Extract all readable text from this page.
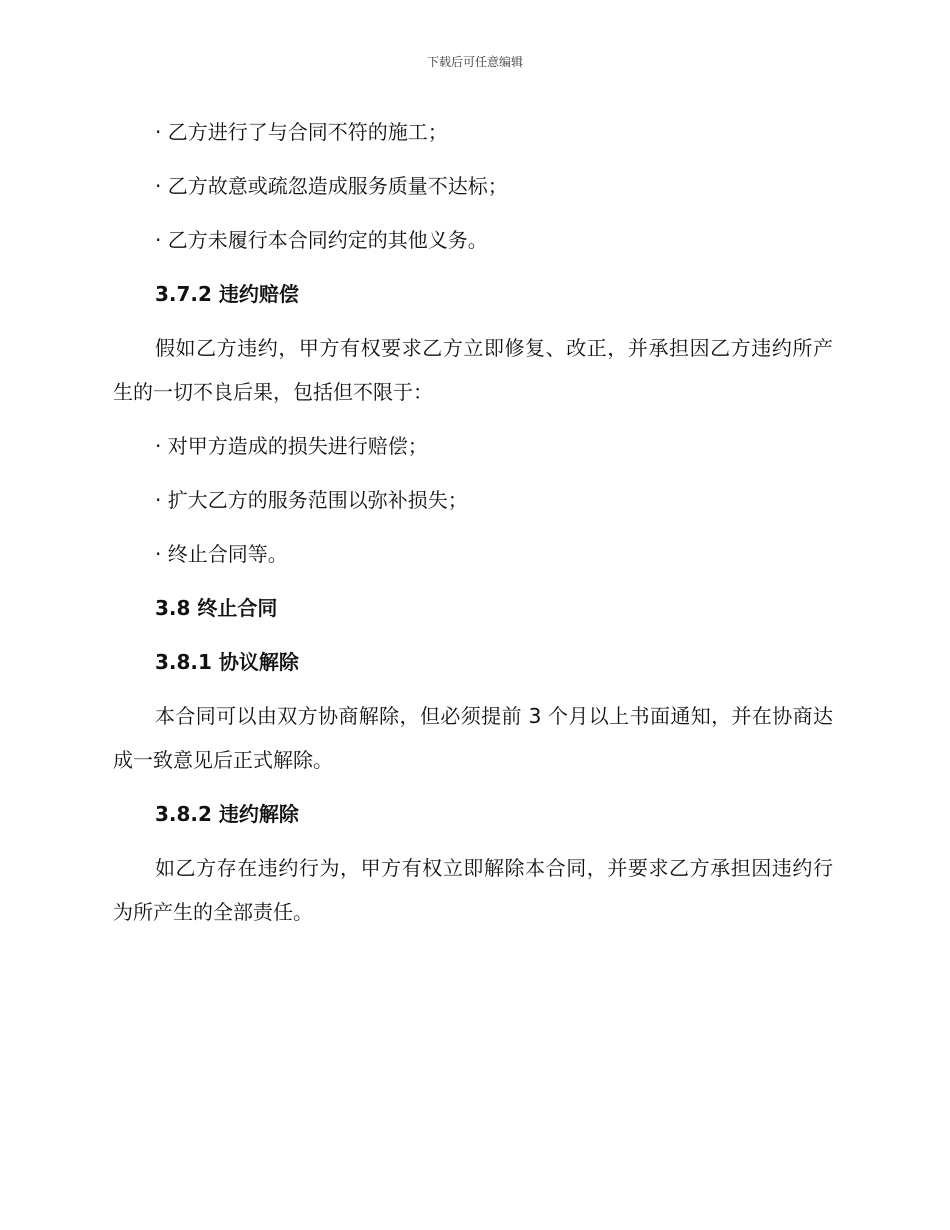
下载后可任意编辑
· 乙方进行了与合同不符的施工；
· 乙方故意或疏忽造成服务质量不达标；
· 乙方未履行本合同约定的其他义务。
3.7.2 违约赔偿
假如乙方违约，甲方有权要求乙方立即修复、改正，并承担因乙方违约所产生的一切不良后果，包括但不限于：
· 对甲方造成的损失进行赔偿；
· 扩大乙方的服务范围以弥补损失；
· 终止合同等。
3.8 终止合同
3.8.1 协议解除
本合同可以由双方协商解除，但必须提前 3 个月以上书面通知，并在协商达成一致意见后正式解除。
3.8.2 违约解除
如乙方存在违约行为，甲方有权立即解除本合同，并要求乙方承担因违约行为所产生的全部责任。
